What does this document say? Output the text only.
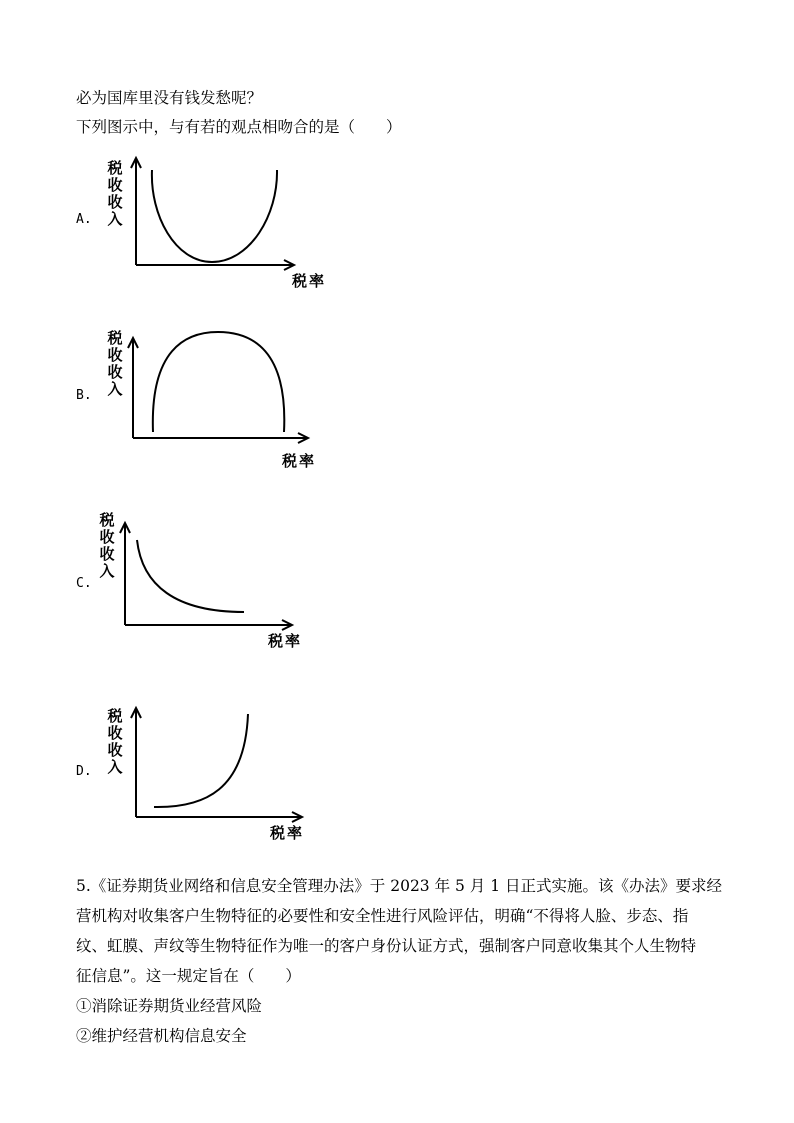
必为国库里没有钱发愁呢？
下列图示中，与有若的观点相吻合的是（　　）
A.
税收收入
税率
B.
税收收入
税率
C.
税收收入
税率
D.
税收收入
税率
5.《证券期货业网络和信息安全管理办法》于 2023 年 5 月 1 日正式实施。该《办法》要求经
营机构对收集客户生物特征的必要性和安全性进行风险评估，明确“不得将人脸、步态、指
纹、虹膜、声纹等生物特征作为唯一的客户身份认证方式，强制客户同意收集其个人生物特
征信息”。这一规定旨在（　　）
①消除证券期货业经营风险
②维护经营机构信息安全
